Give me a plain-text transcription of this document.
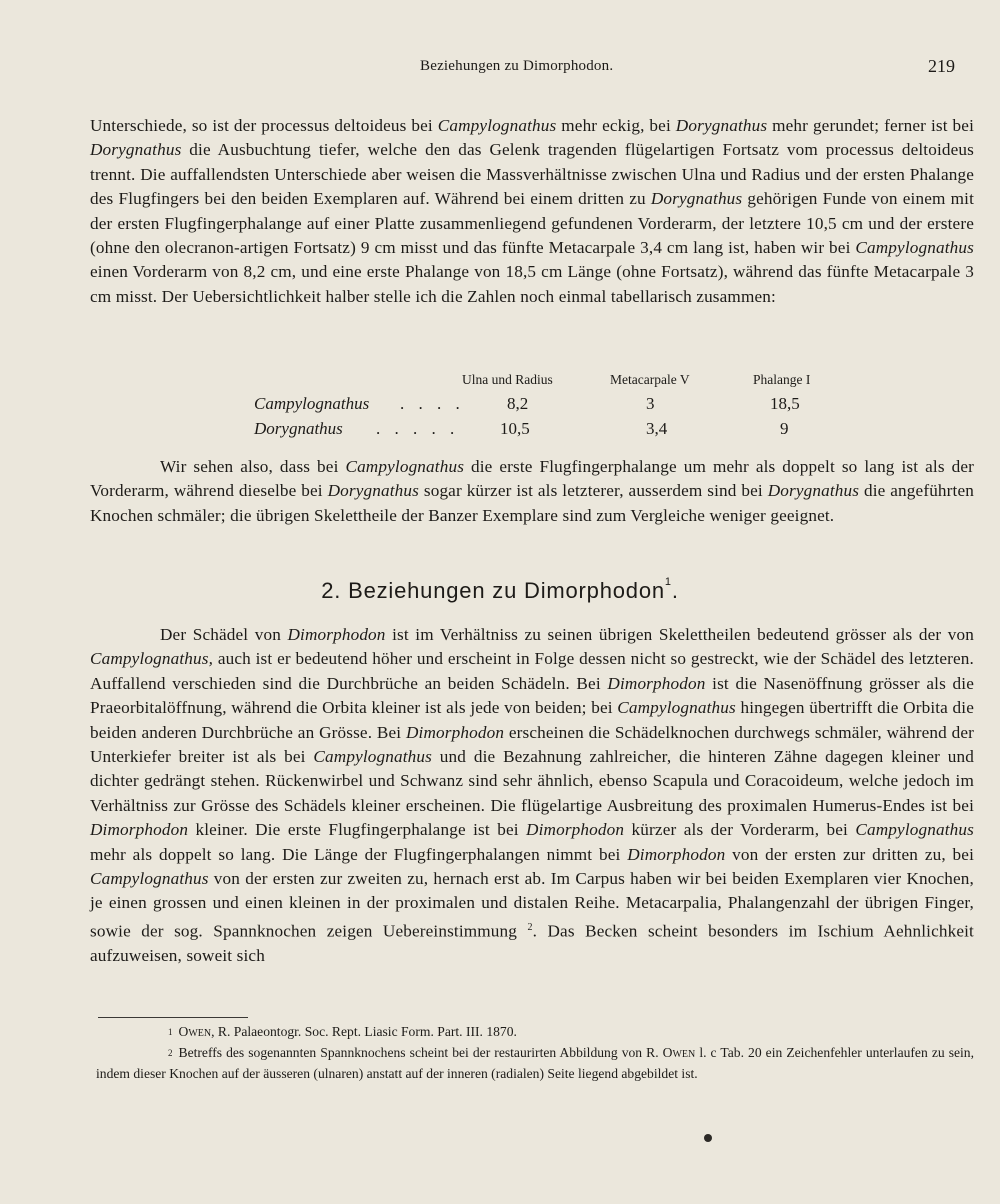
Beziehungen zu Dimorphodon.	219

Unterschiede, so ist der processus deltoideus bei Campylognathus mehr eckig, bei Dorygnathus mehr gerundet; ferner ist bei Dorygnathus die Ausbuchtung tiefer, welche den das Gelenk tragenden flügelartigen Fortsatz vom processus deltoideus trennt. Die auffallendsten Unterschiede aber weisen die Massverhältnisse zwischen Ulna und Radius und der ersten Phalange des Flugfingers bei den beiden Exemplaren auf. Während bei einem dritten zu Dorygnathus gehörigen Funde von einem mit der ersten Flugfingerphalange auf einer Platte zusammenliegend gefundenen Vorderarm, der letztere 10,5 cm und der erstere (ohne den olecranon-artigen Fortsatz) 9 cm misst und das fünfte Metacarpale 3,4 cm lang ist, haben wir bei Campylognathus einen Vorderarm von 8,2 cm, und eine erste Phalange von 18,5 cm Länge (ohne Fortsatz), während das fünfte Metacarpale 3 cm misst. Der Uebersichtlichkeit halber stelle ich die Zahlen noch einmal tabellarisch zusammen:

Ulna und Radius	Metacarpale V	Phalange I
Campylognathus . . . . 8,2	3	18,5
Dorygnathus . . . . . 10,5	3,4	9

Wir sehen also, dass bei Campylognathus die erste Flugfingerphalange um mehr als doppelt so lang ist als der Vorderarm, während dieselbe bei Dorygnathus sogar kürzer ist als letzterer, ausserdem sind bei Dorygnathus die angeführten Knochen schmäler; die übrigen Skelettheile der Banzer Exemplare sind zum Vergleiche weniger geeignet.

2. Beziehungen zu Dimorphodon$^1$.

Der Schädel von Dimorphodon ist im Verhältniss zu seinen übrigen Skelettheilen bedeutend grösser als der von Campylognathus, auch ist er bedeutend höher und erscheint in Folge dessen nicht so gestreckt, wie der Schädel des letzteren. Auffallend verschieden sind die Durchbrüche an beiden Schädeln. Bei Dimorphodon ist die Nasenöffnung grösser als die Praeorbitalöffnung, während die Orbita kleiner ist als jede von beiden; bei Campylognathus hingegen übertrifft die Orbita die beiden anderen Durchbrüche an Grösse. Bei Dimorphodon erscheinen die Schädelknochen durchwegs schmäler, während der Unterkiefer breiter ist als bei Campylognathus und die Bezahnung zahlreicher, die hinteren Zähne dagegen kleiner und dichter gedrängt stehen. Rückenwirbel und Schwanz sind sehr ähnlich, ebenso Scapula und Coracoideum, welche jedoch im Verhältniss zur Grösse des Schädels kleiner erscheinen. Die flügelartige Ausbreitung des proximalen Humerus-Endes ist bei Dimorphodon kleiner. Die erste Flugfingerphalange ist bei Dimorphodon kürzer als der Vorderarm, bei Campylognathus mehr als doppelt so lang. Die Länge der Flugfingerphalangen nimmt bei Dimorphodon von der ersten zur dritten zu, bei Campylognathus von der ersten zur zweiten zu, hernach erst ab. Im Carpus haben wir bei beiden Exemplaren vier Knochen, je einen grossen und einen kleinen in der proximalen und distalen Reihe. Metacarpalia, Phalangenzahl der übrigen Finger, sowie der sog. Spannknochen zeigen Uebereinstimmung $^2$. Das Becken scheint besonders im Ischium Aehnlichkeit aufzuweisen, soweit sich

$^1$ Owen, R. Palaeontogr. Soc. Rept. Liasic Form. Part. III. 1870.

$^2$ Betreffs des sogenannten Spannknochens scheint bei der restaurirten Abbildung von R. Owen l. c Tab. 20 ein Zeichenfehler unterlaufen zu sein, indem dieser Knochen auf der äusseren (ulnaren) anstatt auf der inneren (radialen) Seite liegend abgebildet ist.
